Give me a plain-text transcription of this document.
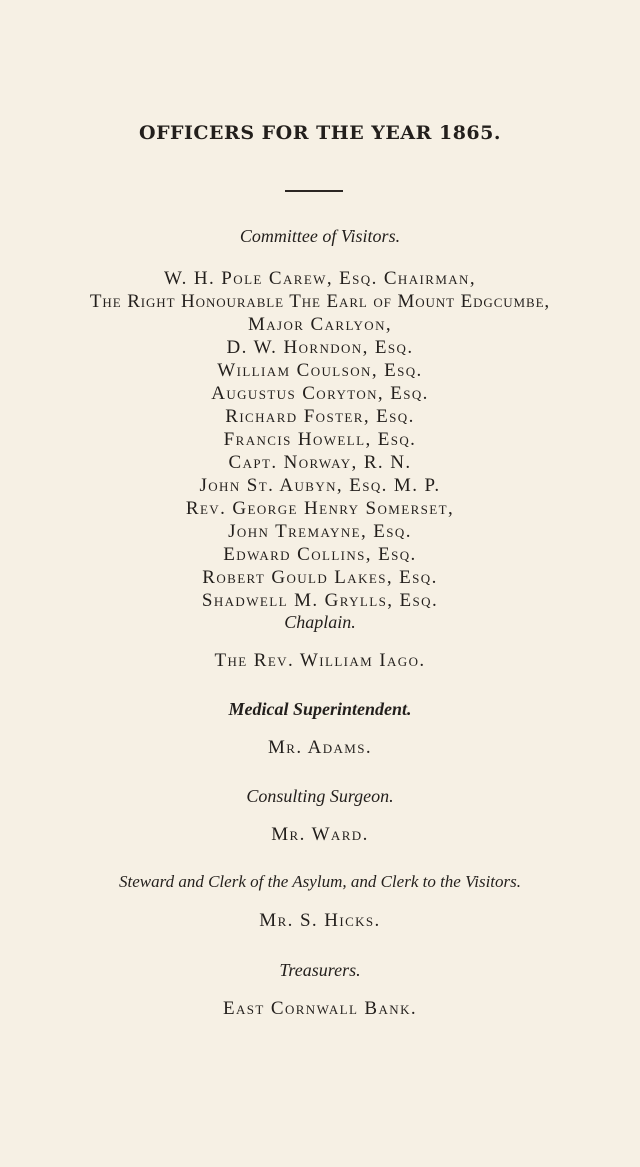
OFFICERS FOR THE YEAR 1865.
Committee of Visitors.
W. H. Pole Carew, Esq. Chairman,
The Right Honourable The Earl of Mount Edgcumbe,
Major Carlyon,
D. W. Horndon, Esq.
William Coulson, Esq.
Augustus Coryton, Esq.
Richard Foster, Esq.
Francis Howell, Esq.
Capt. Norway, R. N.
John St. Aubyn, Esq. M. P.
Rev. George Henry Somerset,
John Tremayne, Esq.
Edward Collins, Esq.
Robert Gould Lakes, Esq.
Shadwell M. Grylls, Esq.
Chaplain.
The Rev. William Iago.
Medical Superintendent.
Mr. Adams.
Consulting Surgeon.
Mr. Ward.
Steward and Clerk of the Asylum, and Clerk to the Visitors.
Mr. S. Hicks.
Treasurers.
East Cornwall Bank.
